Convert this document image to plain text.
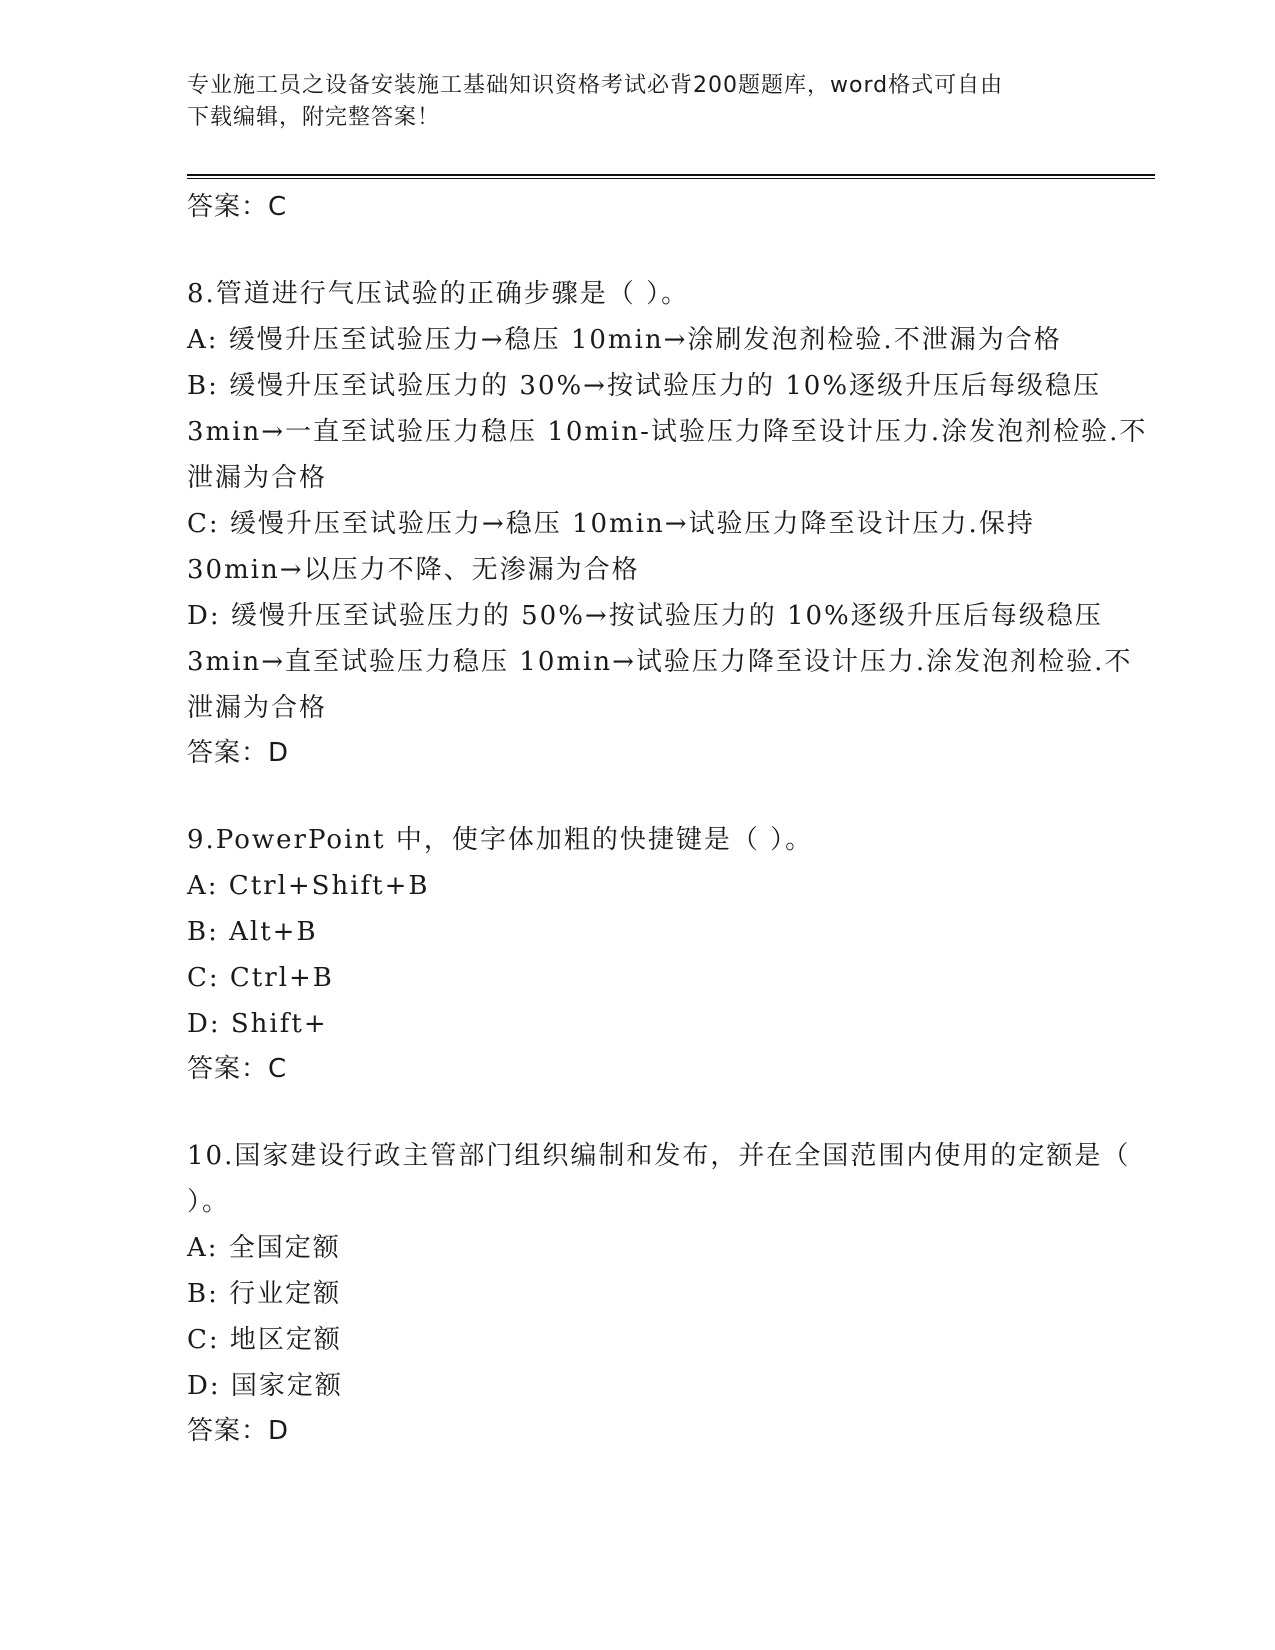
专业施工员之设备安装施工基础知识资格考试必背200题题库，word格式可自由
下载编辑，附完整答案！

答案：C

8.管道进行气压试验的正确步骤是（ ）。

A: 缓慢升压至试验压力→稳压 10min→涂刷发泡剂检验.不泄漏为合格

B: 缓慢升压至试验压力的 30%→按试验压力的 10%逐级升压后每级稳压 3min→一直至试验压力稳压 10min-试验压力降至设计压力.涂发泡剂检验.不泄漏为合格

C: 缓慢升压至试验压力→稳压 10min→试验压力降至设计压力.保持 30min→以压力不降、无渗漏为合格

D: 缓慢升压至试验压力的 50%→按试验压力的 10%逐级升压后每级稳压 3min→直至试验压力稳压 10min→试验压力降至设计压力.涂发泡剂检验.不泄漏为合格

答案：D

9.PowerPoint 中，使字体加粗的快捷键是（ ）。

A: Ctrl+Shift+B

B: Alt+B

C: Ctrl+B

D: Shift+

答案：C

10.国家建设行政主管部门组织编制和发布，并在全国范围内使用的定额是（ ）。

A: 全国定额

B: 行业定额

C: 地区定额

D: 国家定额

答案：D
